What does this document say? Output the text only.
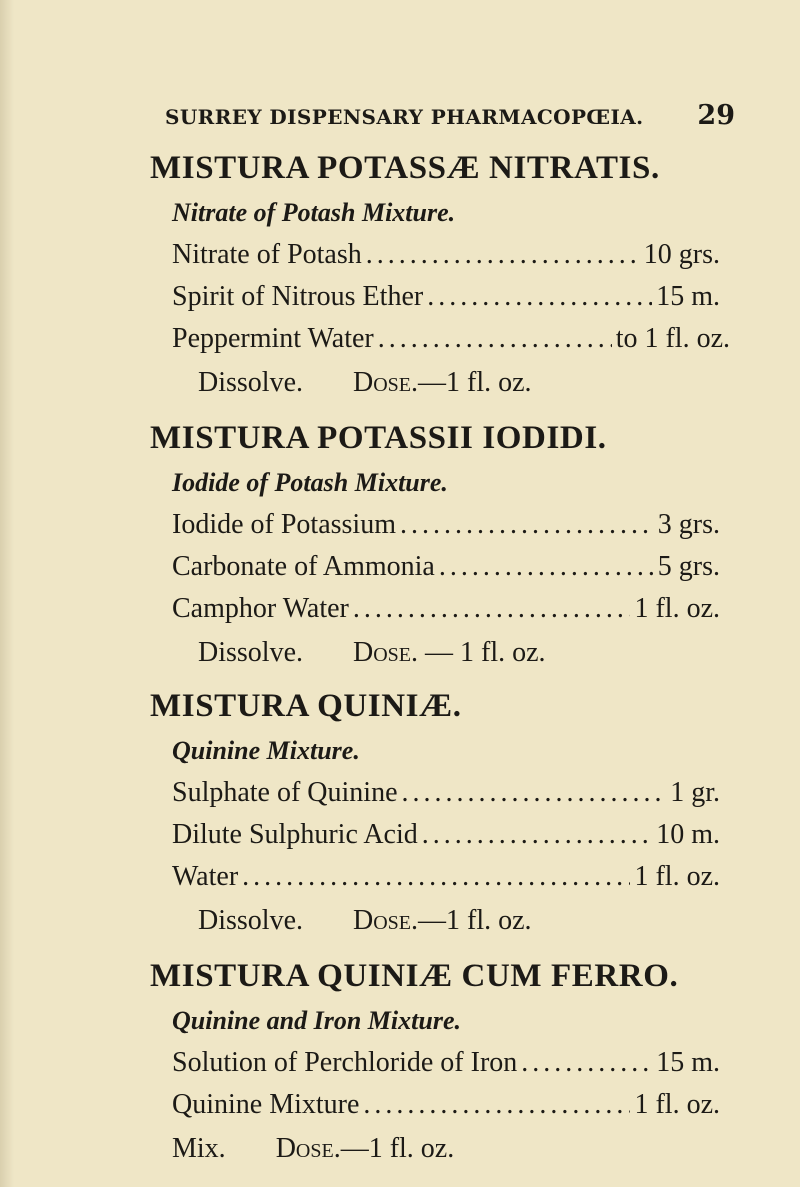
SURREY DISPENSARY PHARMACOPŒIA. 29
MISTURA POTASSÆ NITRATIS.
Nitrate of Potash Mixture.
Nitrate of Potash .....	10 grs.
Spirit of Nitrous Ether .....	15 m.
Peppermint Water .....	to 1 fl. oz.
Dissolve. Dose.—1 fl. oz.
MISTURA POTASSII IODIDI.
Iodide of Potash Mixture.
Iodide of Potassium .....	3 grs.
Carbonate of Ammonia .....	5 grs.
Camphor Water .....	1 fl. oz.
Dissolve. Dose. — 1 fl. oz.
MISTURA QUINIÆ.
Quinine Mixture.
Sulphate of Quinine .....	1 gr.
Dilute Sulphuric Acid .....	10 m.
Water .....	1 fl. oz.
Dissolve. Dose.—1 fl. oz.
MISTURA QUINIÆ CUM FERRO.
Quinine and Iron Mixture.
Solution of Perchloride of Iron .....	15 m.
Quinine Mixture .....	1 fl. oz.
Mix. Dose.—1 fl. oz.
